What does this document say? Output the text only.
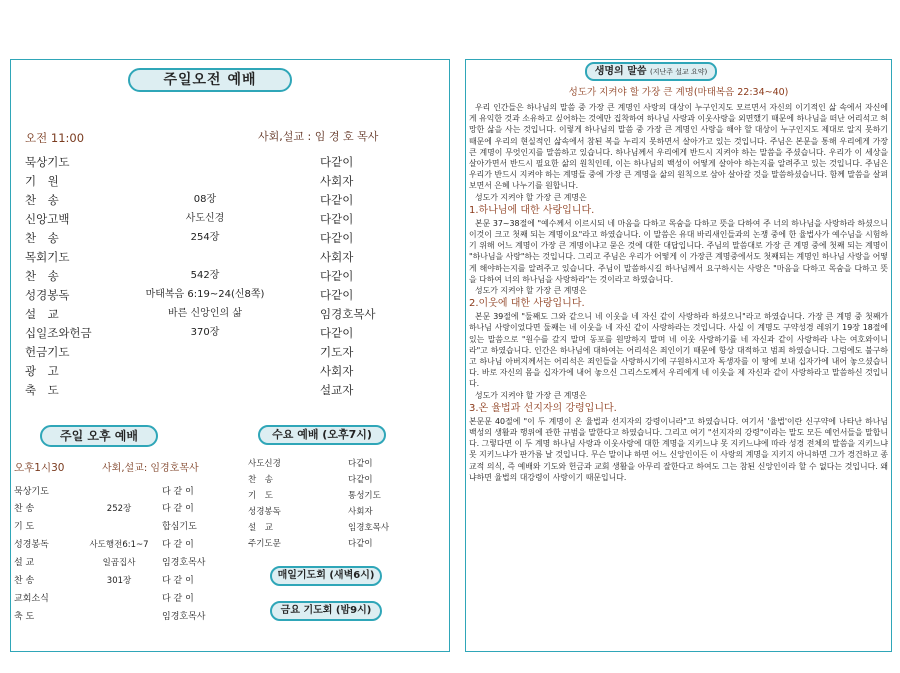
주일오전 예배
오전 11:00	사회,설교 : 임 경 호 목사
묵상기도	다같이
기　원	사회자
찬　송	08장	다같이
신앙고백	사도신경	다같이
찬　송	254장	다같이
목회기도	사회자
찬　송	542장	다같이
성경봉독	마태복음 6:19~24(신8쪽)	다같이
설　교	바른 신앙인의 삶	임경호목사
십일조와헌금	370장	다같이
헌금기도	기도자
광　고	사회자
축　도	설교자
주일 오후 예배
오후1시30	사회,설교: 임경호목사
묵상기도	다 같 이
찬 송	252장	다 같 이
기 도	합심기도
성경봉독	사도행전6:1~7	다 같 이
설 교	일곱집사	임경호목사
찬 송	301장	다 같 이
교회소식	다 같 이
축 도	임경호목사
수요 예배 (오후7시)
사도신경	다같이
찬　송	다같이
기　도	통성기도
성경봉독	사회자
설　교	임경호목사
주기도문	다같이
매일기도회 (새벽6시)
금요 기도회 (밤9시)
생명의 말씀 (지난주 설교 요약)
성도가 지켜야 할 가장 큰 계명(마태복음 22:34~40)

우리 인간들은 하나님의 말씀 중 가장 큰 계명인 사랑의 대상이 누구인지도 모르면서 자신의 이기적인 삶 속에서 자신에게 유익한 것과 소유하고 싶어하는 것에만 집착하여 하나님 사랑과 이웃사랑을 외면했기 때문에 하나님을 떠난 어리석고 허망한 삶을 사는 것입니다. 이렇게 하나님의 말씀 중 가장 큰 계명인 사랑을 해야 할 대상이 누구인지도 제대로 알지 못하기 때문에 우리의 현실적인 삶속에서 참된 복을 누리지 못하면서 살아가고 있는 것입니다. 주님은 본문을 통해 우리에게 가장 큰 계명이 무엇인지를 말씀하고 있습니다. 하나님께서 우리에게 반드시 지켜야 하는 말씀을 주셨습니다. 우리가 이 세상을 살아가면서 반드시 필요한 삶의 원칙인데, 이는 하나님의 백성이 어떻게 살아야 하는지를 알려주고 있는 것입니다. 주님은 우리가 반드시 지켜야 하는 계명들 중에 가장 큰 계명을 삶의 원칙으로 삼아 살아갈 것을 말씀하셨습니다. 함께 말씀을 살펴보면서 은혜 나누기를 원합니다.

성도가 지켜야 할 가장 큰 계명은

1.하나님에 대한 사랑입니다.

본문 37~38절에 "예수께서 이르시되 네 마음을 다하고 목숨을 다하고 뜻을 다하여 주 너의 하나님을 사랑하라 하셨으니 이것이 크고 첫째 되는 계명이요"라고 하였습니다. 이 말씀은 유대 바리새인들과의 논쟁 중에 한 율법사가 예수님을 시험하기 위해 어느 계명이 가장 큰 계명이냐고 묻은 것에 대한 대답입니다. 주님의 말씀대로 가장 큰 계명 중에 첫째 되는 계명이 "하나님을 사랑"하는 것입니다. 그리고 주님은 우리가 어떻게 이 가장큰 계명중에서도 첫째되는 계명인 하나님 사랑을 어떻게 해야하는지를 알려주고 있습니다. 주님이 말씀하시길 하나님께서 요구하시는 사랑은 "마음을 다하고 목숨을 다하고 뜻을 다하여 너의 하나님을 사랑하라"는 것이라고 하였습니다.

성도가 지켜야 할 가장 큰 계명은

2.이웃에 대한 사랑입니다.

본문 39절에 "둘째도 그와 같으니 네 이웃을 네 자신 같이 사랑하라 하셨으니"라고 하였습니다. 가장 큰 계명 중 첫째가 하나님 사랑이었다면 둘째는 네 이웃을 네 자신 같이 사랑하라는 것입니다. 사실 이 계명도 구약성경 레위기 19장 18절에 있는 말씀으로 "원수를 갚지 말며 동포를 원망하지 말며 네 이웃 사랑하기를 네 자신과 같이 사랑하라 나는 여호와이니라"고 하였습니다. 인간은 하나님에 대하여는 어리석은 죄인이기 때문에 항상 대적하고 범죄 하였습니다. 그럼에도 불구하고 하나님 아버지께서는 어리석은 죄인들을 사랑하시기에 구원하시고자 독생자를 이 땅에 보내 십자가에 내어 놓으셨습니다. 바로 자신의 몸을 십자가에 내어 놓으신 그리스도께서 우리에게 네 이웃을 제 자신과 같이 사랑하라고 말씀하신 것입니다.

성도가 지켜야 할 가장 큰 계명은

3.온 율법과 선지자의 강령입니다.

본문문 40절에 "이 두 계명이 온 율법과 선지자의 강령이니라"고 하였습니다. 여기서 '율법'이란 신구약에 나타난 하나님 백성의 생활과 행위에 관한 규범을 말한다고 하였습니다. 그리고 여기 "선지자의 강령"이라는 말도 모든 예언서들을 말합니다. 그렇다면 이 두 계명 하나님 사랑과 이웃사랑에 대한 계명을 지키느냐 못 지키느냐에 따라 성경 전체의 말씀을 지키느냐 못 지키느냐가 판가름 날 것입니다. 무슨 말이냐 하면 어느 신앙인이든 이 사랑의 계명을 지키지 아니하면 그가 경건하고 종교적 의식, 즉 예배와 기도와 헌금과 교회 생활을 아무리 잘한다고 하여도 그는 참된 신앙인이라 할 수 없다는 것입니다. 왜냐하면 율법의 대강령이 사랑이기 때문입니다.
